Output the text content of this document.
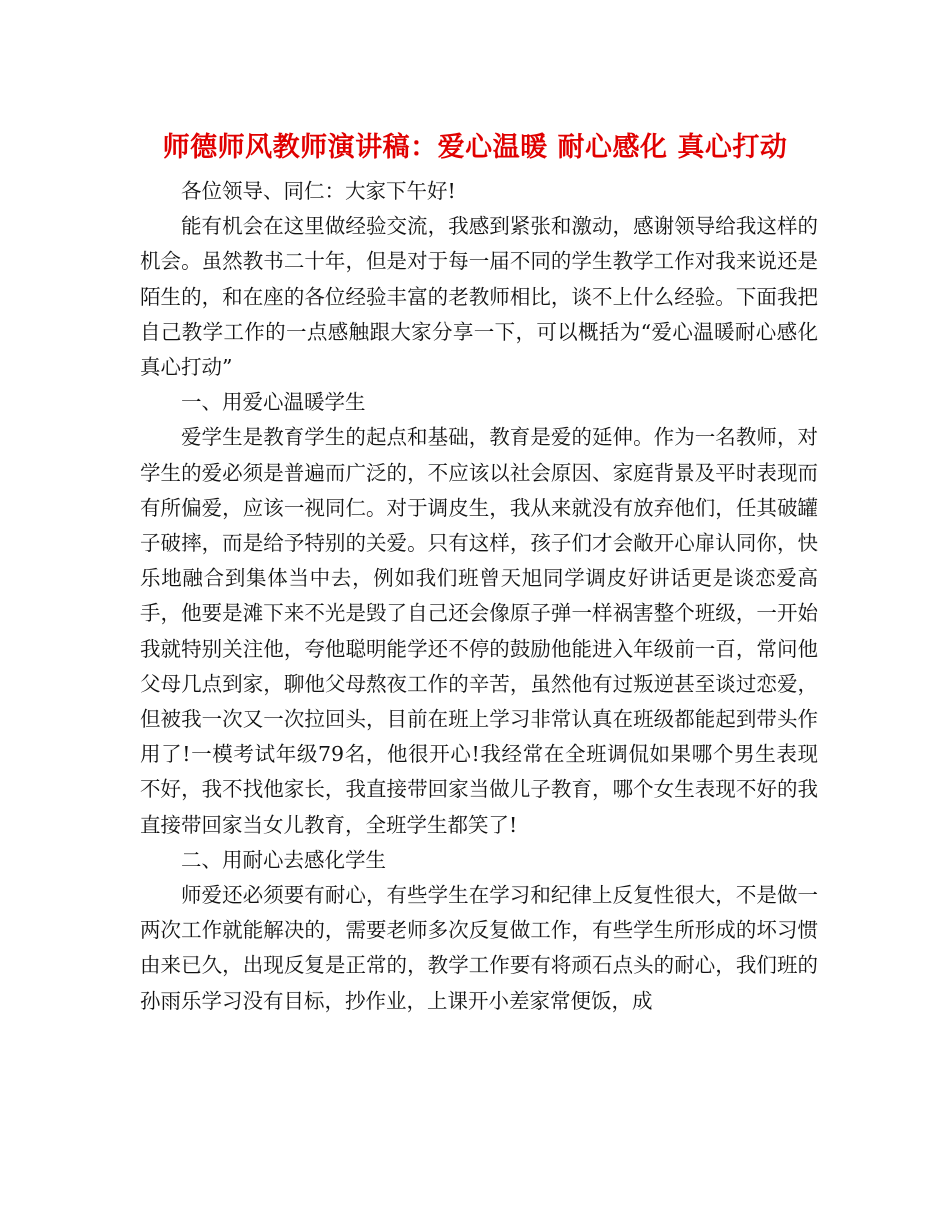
师德师风教师演讲稿：爱心温暖 耐心感化 真心打动

各位领导、同仁：大家下午好!

能有机会在这里做经验交流，我感到紧张和激动，感谢领导给我这样的机会。虽然教书二十年，但是对于每一届不同的学生教学工作对我来说还是陌生的，和在座的各位经验丰富的老教师相比，谈不上什么经验。下面我把自己教学工作的一点感触跟大家分享一下，可以概括为“爱心温暖耐心感化 真心打动”

一、用爱心温暖学生

爱学生是教育学生的起点和基础，教育是爱的延伸。作为一名教师，对学生的爱必须是普遍而广泛的，不应该以社会原因、家庭背景及平时表现而有所偏爱，应该一视同仁。对于调皮生，我从来就没有放弃他们，任其破罐子破摔，而是给予特别的关爱。只有这样，孩子们才会敞开心扉认同你，快乐地融合到集体当中去，例如我们班曾天旭同学调皮好讲话更是谈恋爱高手，他要是滩下来不光是毁了自己还会像原子弹一样祸害整个班级，一开始我就特别关注他，夸他聪明能学还不停的鼓励他能进入年级前一百，常问他父母几点到家，聊他父母熬夜工作的辛苦，虽然他有过叛逆甚至谈过恋爱，但被我一次又一次拉回头，目前在班上学习非常认真在班级都能起到带头作用了!一模考试年级79名，他很开心!我经常在全班调侃如果哪个男生表现不好，我不找他家长，我直接带回家当做儿子教育，哪个女生表现不好的我直接带回家当女儿教育，全班学生都笑了!

二、用耐心去感化学生

师爱还必须要有耐心，有些学生在学习和纪律上反复性很大，不是做一两次工作就能解决的，需要老师多次反复做工作，有些学生所形成的坏习惯由来已久，出现反复是正常的，教学工作要有将顽石点头的耐心，我们班的孙雨乐学习没有目标，抄作业，上课开小差家常便饭，成
